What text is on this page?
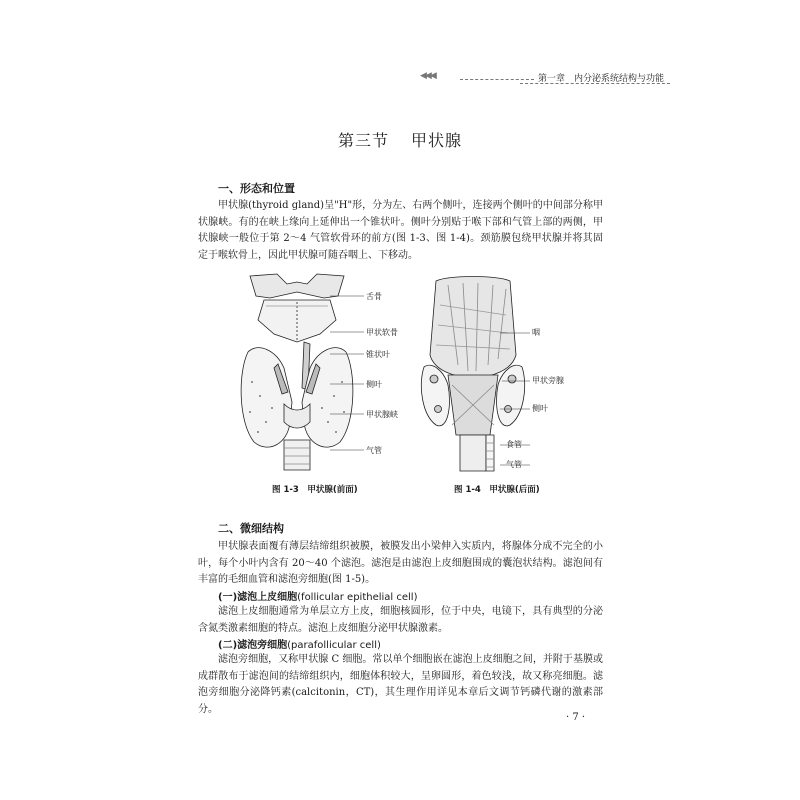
◀◀◀	第一章　内分泌系统结构与功能
第三节 甲状腺
一、形态和位置

甲状腺(thyroid gland)呈"H"形，分为左、右两个侧叶，连接两个侧叶的中间部分称甲状腺峡。有的在峡上缘向上延伸出一个锥状叶。侧叶分别贴于喉下部和气管上部的两侧，甲状腺峡一般位于第 2～4 气管软骨环的前方(图 1-3、图 1-4)。颈筋膜包绕甲状腺并将其固定于喉软骨上，因此甲状腺可随吞咽上、下移动。

舌骨
甲状软骨
锥状叶
侧叶
甲状腺峡
气管
咽
甲状旁腺
侧叶
食管
气管
图 1-3　甲状腺(前面)	图 1-4　甲状腺(后面)
二、微细结构

甲状腺表面覆有薄层结缔组织被膜，被膜发出小梁伸入实质内，将腺体分成不完全的小叶，每个小叶内含有 20～40 个滤泡。滤泡是由滤泡上皮细胞围成的囊泡状结构。滤泡间有丰富的毛细血管和滤泡旁细胞(图 1-5)。

(一)滤泡上皮细胞(follicular epithelial cell)

滤泡上皮细胞通常为单层立方上皮，细胞核圆形，位于中央，电镜下，具有典型的分泌含氮类激素细胞的特点。滤泡上皮细胞分泌甲状腺激素。

(二)滤泡旁细胞(parafollicular cell)

滤泡旁细胞，又称甲状腺 C 细胞。常以单个细胞嵌在滤泡上皮细胞之间，并附于基膜或成群散布于滤泡间的结缔组织内，细胞体积较大，呈卵圆形，着色较浅，故又称亮细胞。滤泡旁细胞分泌降钙素(calcitonin，CT)，其生理作用详见本章后文调节钙磷代谢的激素部分。

· 7 ·
